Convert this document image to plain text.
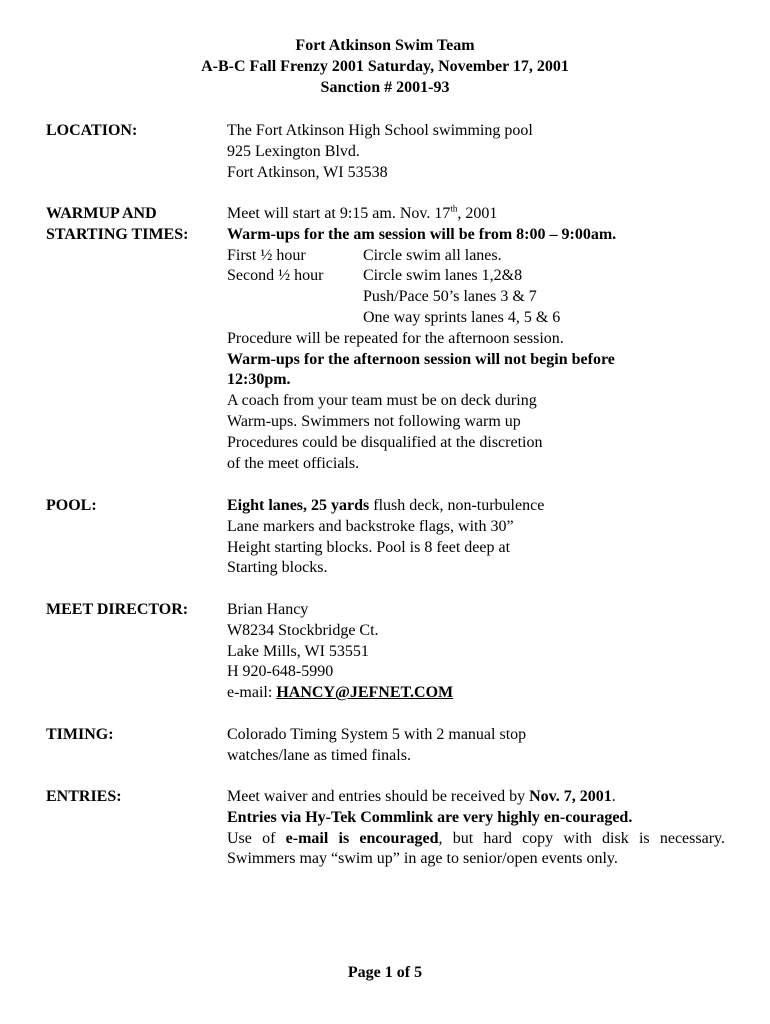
Fort Atkinson Swim Team
A-B-C Fall Frenzy 2001 Saturday, November 17, 2001
Sanction # 2001-93
LOCATION:	The Fort Atkinson High School swimming pool
925 Lexington Blvd.
Fort Atkinson, WI 53538
WARMUP AND
STARTING TIMES:
Meet will start at 9:15 am. Nov. 17th, 2001
Warm-ups for the am session will be from 8:00 – 9:00am.
First ½ hour	Circle swim all lanes.
Second ½ hour Circle swim lanes 1,2&8
Push/Pace 50’s lanes 3 & 7
One way sprints lanes 4, 5 & 6
Procedure will be repeated for the afternoon session.
Warm-ups for the afternoon session will not begin before
12:30pm.
A coach from your team must be on deck during
Warm-ups. Swimmers not following warm up
Procedures could be disqualified at the discretion
of the meet officials.
POOL:	Eight lanes, 25 yards flush deck, non-turbulence
Lane markers and backstroke flags, with 30”
Height starting blocks. Pool is 8 feet deep at
Starting blocks.
MEET DIRECTOR:	Brian Hancy
W8234 Stockbridge Ct.
Lake Mills, WI 53551
H 920-648-5990
e-mail: HANCY@JEFNET.COM
TIMING:	Colorado Timing System 5 with 2 manual stop
watches/lane as timed finals.
ENTRIES:	Meet waiver and entries should be received by Nov. 7, 2001.
Entries via Hy-Tek Commlink are very highly en-couraged.
Use of e-mail is encouraged, but hard copy with disk is necessary.
Swimmers may “swim up” in age to senior/open events only.
Page 1 of 5
